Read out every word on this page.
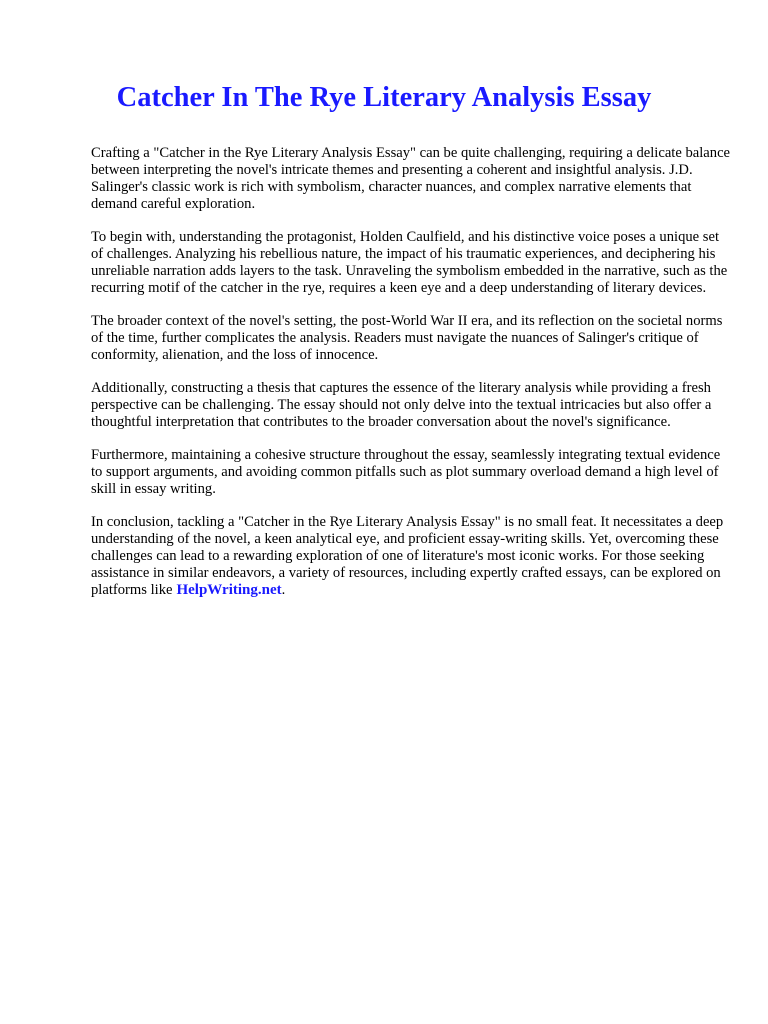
Catcher In The Rye Literary Analysis Essay

Crafting a "Catcher in the Rye Literary Analysis Essay" can be quite challenging, requiring a delicate balance between interpreting the novel's intricate themes and presenting a coherent and insightful analysis. J.D. Salinger's classic work is rich with symbolism, character nuances, and complex narrative elements that demand careful exploration.

To begin with, understanding the protagonist, Holden Caulfield, and his distinctive voice poses a unique set of challenges. Analyzing his rebellious nature, the impact of his traumatic experiences, and deciphering his unreliable narration adds layers to the task. Unraveling the symbolism embedded in the narrative, such as the recurring motif of the catcher in the rye, requires a keen eye and a deep understanding of literary devices.

The broader context of the novel's setting, the post-World War II era, and its reflection on the societal norms of the time, further complicates the analysis. Readers must navigate the nuances of Salinger's critique of conformity, alienation, and the loss of innocence.

Additionally, constructing a thesis that captures the essence of the literary analysis while providing a fresh perspective can be challenging. The essay should not only delve into the textual intricacies but also offer a thoughtful interpretation that contributes to the broader conversation about the novel's significance.

Furthermore, maintaining a cohesive structure throughout the essay, seamlessly integrating textual evidence to support arguments, and avoiding common pitfalls such as plot summary overload demand a high level of skill in essay writing.

In conclusion, tackling a "Catcher in the Rye Literary Analysis Essay" is no small feat. It necessitates a deep understanding of the novel, a keen analytical eye, and proficient essay-writing skills. Yet, overcoming these challenges can lead to a rewarding exploration of one of literature's most iconic works. For those seeking assistance in similar endeavors, a variety of resources, including expertly crafted essays, can be explored on platforms like HelpWriting.net.
